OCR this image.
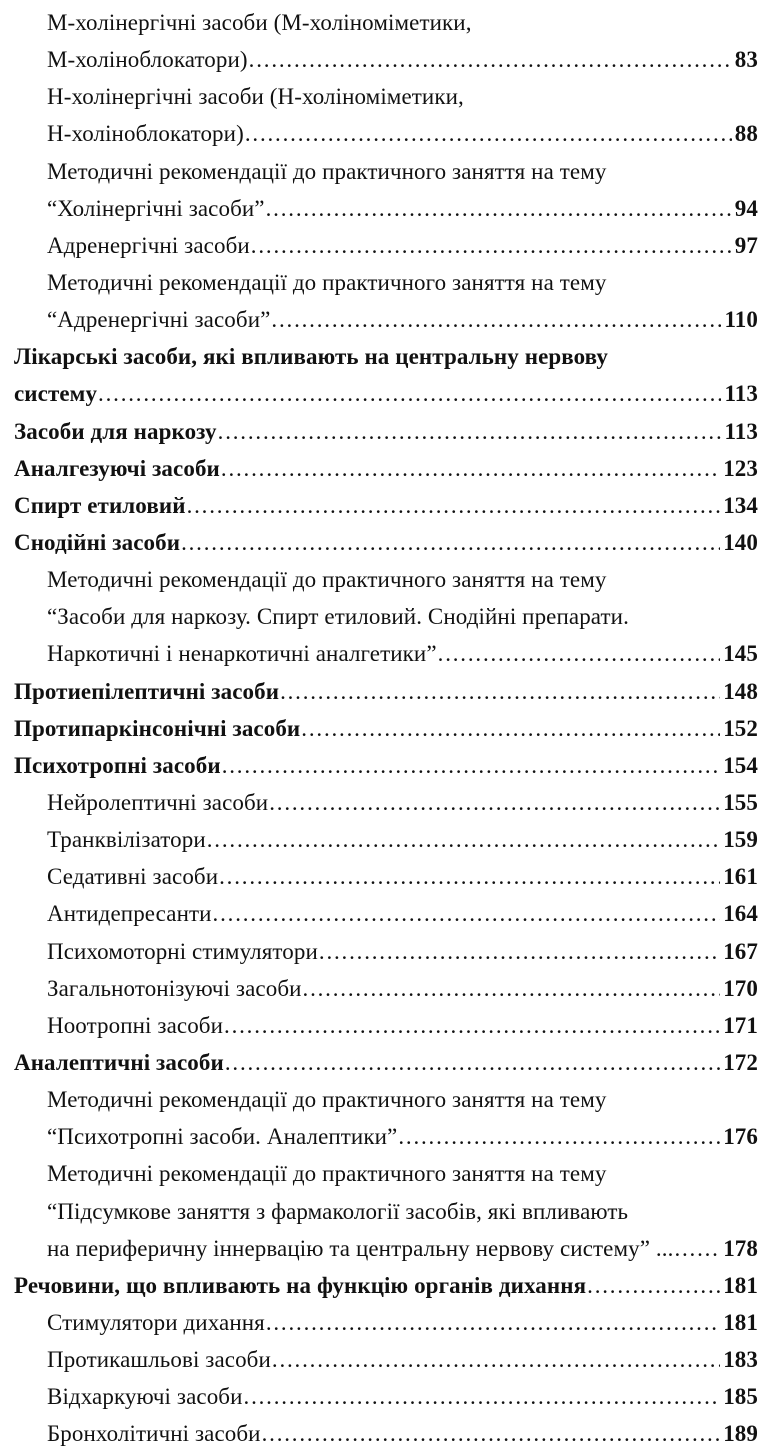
М-холінергічні засоби (М-холіноміметики,
М-холіноблокатори) .....	83
Н-холінергічні засоби (Н-холіноміметики,
Н-холіноблокатори) .....	88
Методичні рекомендації до практичного заняття на тему
“Холінергічні засоби” .....	94
Адренергічні засоби .....	97
Методичні рекомендації до практичного заняття на тему
“Адренергічні засоби” .....	110
Лікарські засоби, які впливають на центральну нервову
систему .....	113
Засоби для наркозу .....	113
Аналгезуючі засоби .....	123
Спирт етиловий .....	134
Снодійні засоби .....	140
Методичні рекомендації до практичного заняття на тему
“Засоби для наркозу. Спирт етиловий. Снодійні препарати.
Наркотичні і ненаркотичні аналгетики” .....	145
Протиепілептичні засоби .....	148
Протипаркінсонічні засоби .....	152
Психотропні засоби .....	154
Нейролептичні засоби .....	155
Транквілізатори .....	159
Седативні засоби .....	161
Антидепресанти .....	164
Психомоторні стимулятори .....	167
Загальнотонізуючі засоби .....	170
Ноотропні засоби .....	171
Аналептичні засоби .....	172
Методичні рекомендації до практичного заняття на тему
“Психотропні засоби. Аналептики” .....	176
Методичні рекомендації до практичного заняття на тему
“Підсумкове заняття з фармакології засобів, які впливають
на периферичну іннервацію та центральну нервову систему” ... ..... 178
Речовини, що впливають на функцію органів дихання .....	181
Стимулятори дихання .....	181
Протикашльові засоби .....	183
Відхаркуючі засоби .....	185
Бронхолітичні засоби .....	189
